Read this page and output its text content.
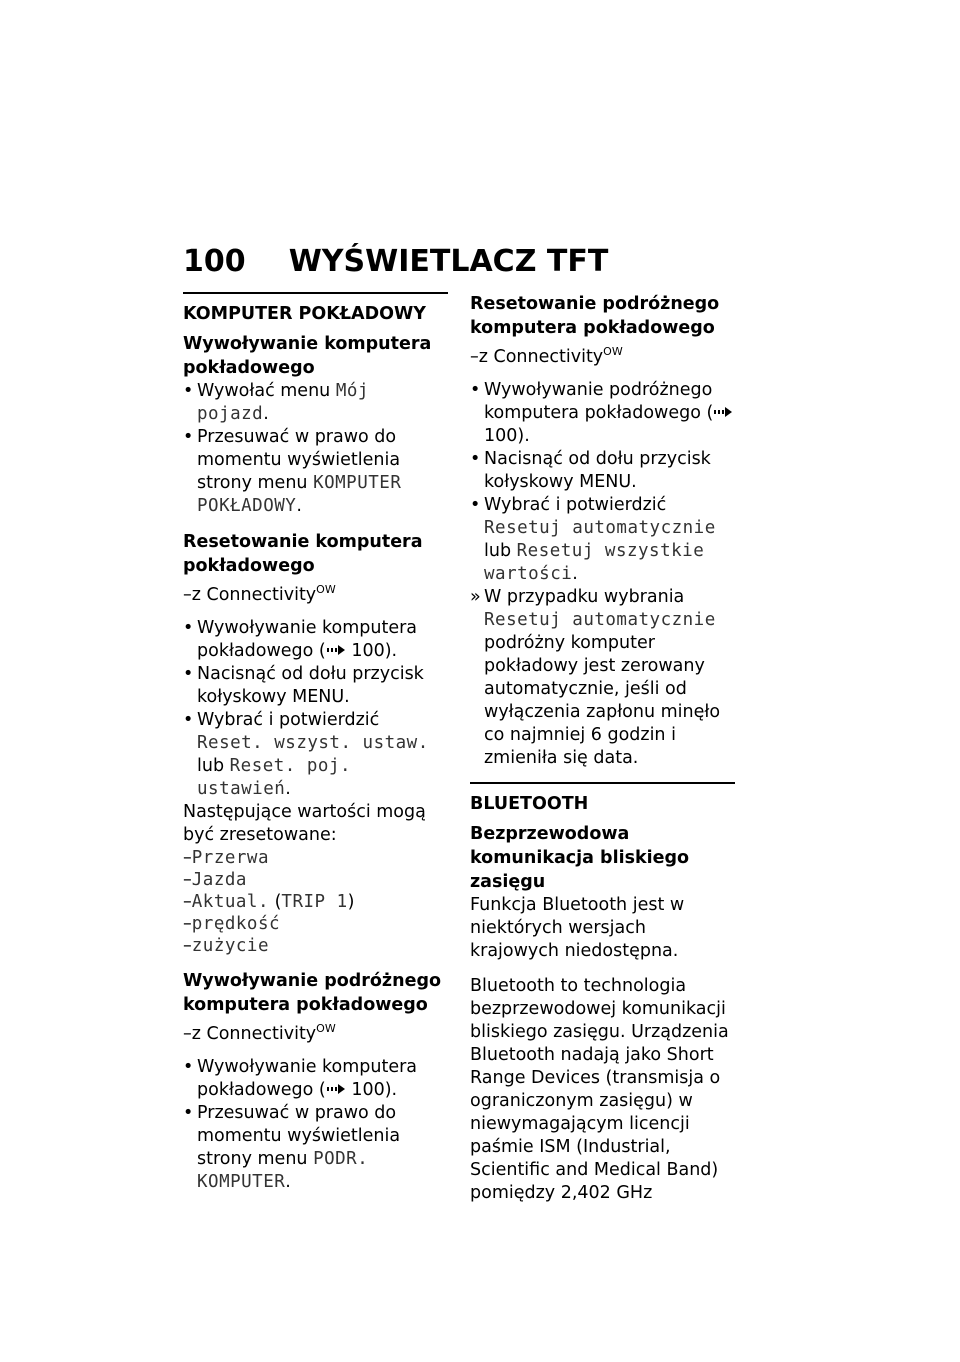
100 WYŚWIETLACZ TFT
KOMPUTER POKŁADOWY
Wywoływanie komputera pokładowego
• Wywołać menu Mój pojazd.
• Przesuwać w prawo do momentu wyświetlenia strony menu KOMPUTER POKŁADOWY.
Resetowanie komputera pokładowego
–z Connectivity$^{OW}$
• Wywoływanie komputera pokładowego ( 100).
• Nacisnąć od dołu przycisk kołyskowy MENU.
• Wybrać i potwierdzić Reset. wszyst. ustaw. lub Reset. poj. ustawień.
Następujące wartości mogą być zresetowane:
–Przerwa
–Jazda
–Aktual. (TRIP 1)
–prędkość
–zużycie
Wywoływanie podróżnego komputera pokładowego
–z Connectivity$^{OW}$
• Wywoływanie komputera pokładowego ( 100).
• Przesuwać w prawo do momentu wyświetlenia strony menu PODR. KOMPUTER.
Resetowanie podróżnego komputera pokładowego
–z Connectivity$^{OW}$
• Wywoływanie podróżnego komputera pokładowego ( 100).
• Nacisnąć od dołu przycisk kołyskowy MENU.
• Wybrać i potwierdzić Resetuj automatycznie lub Resetuj wszystkie wartości.
» W przypadku wybrania Resetuj automatycznie podróżny komputer pokładowy jest zerowany automatycznie, jeśli od wyłączenia zapłonu minęło co najmniej 6 godzin i zmieniła się data.
BLUETOOTH
Bezprzewodowa komunikacja bliskiego zasięgu
Funkcja Bluetooth jest w niektórych wersjach krajowych niedostępna.
Bluetooth to technologia bezprzewodowej komunikacji bliskiego zasięgu. Urządzenia Bluetooth nadają jako Short Range Devices (transmisja o ograniczonym zasięgu) w niewymagającym licencji paśmie ISM (Industrial, Scientific and Medical Band) pomiędzy 2,402 GHz
